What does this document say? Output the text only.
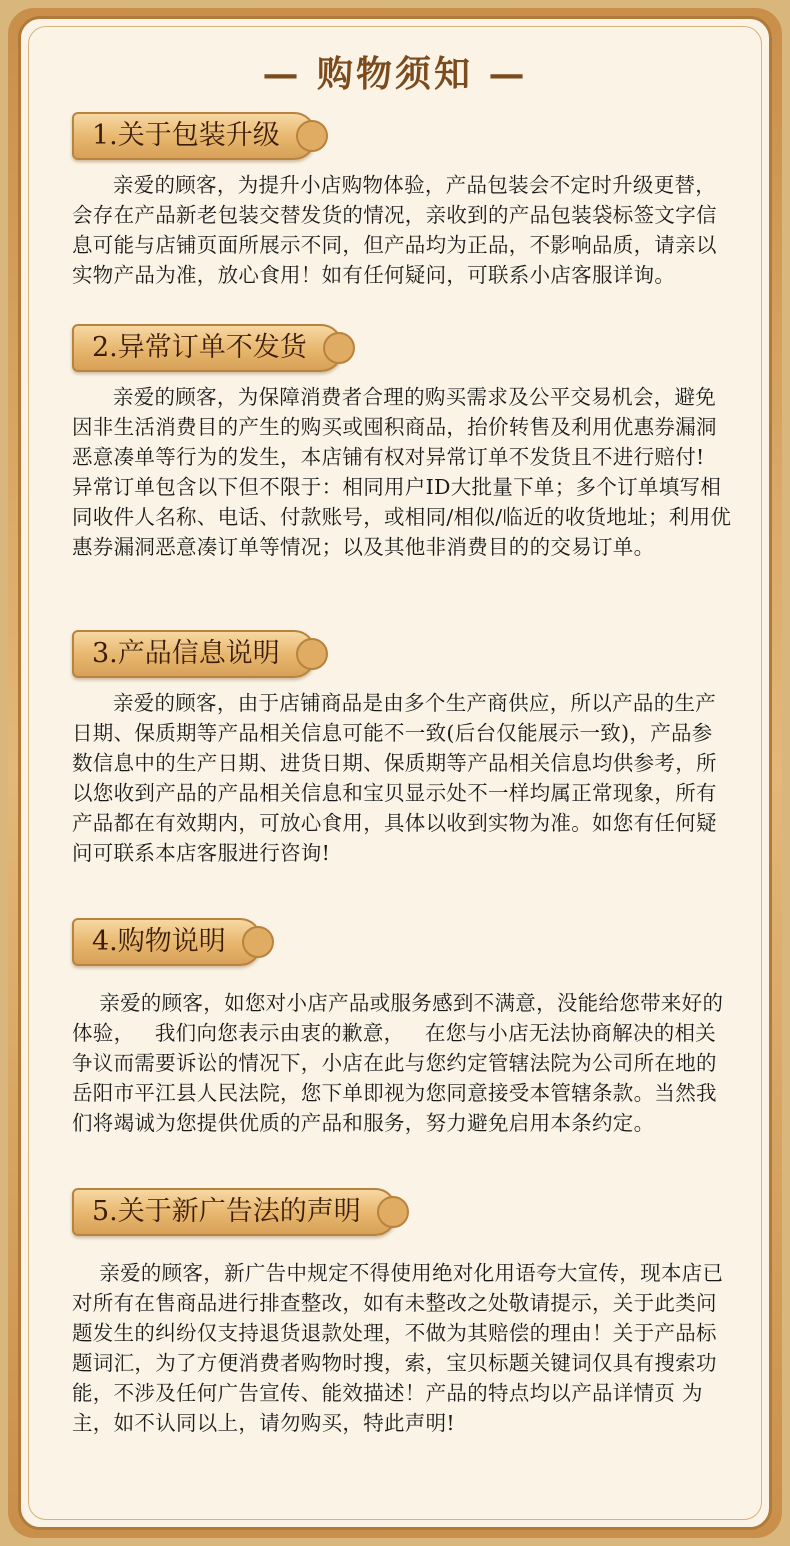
— 购物须知 —
1.关于包装升级
亲爱的顾客，为提升小店购物体验，产品包装会不定时升级更替，会存在产品新老包装交替发货的情况，亲收到的产品包装袋标签文字信息可能与店铺页面所展示不同，但产品均为正品，不影响品质，请亲以实物产品为准，放心食用！如有任何疑问，可联系小店客服详询。
2.异常订单不发货
亲爱的顾客，为保障消费者合理的购买需求及公平交易机会，避免因非生活消费目的产生的购买或囤积商品，抬价转售及利用优惠券漏洞恶意凑单等行为的发生，本店铺有权对异常订单不发货且不进行赔付!
异常订单包含以下但不限于：相同用户ID大批量下单；多个订单填写相同收件人名称、电话、付款账号，或相同/相似/临近的收货地址；利用优惠券漏洞恶意凑订单等情况；以及其他非消费目的的交易订单。
3.产品信息说明
亲爱的顾客，由于店铺商品是由多个生产商供应，所以产品的生产日期、保质期等产品相关信息可能不一致(后台仅能展示一致)，产品参数信息中的生产日期、进货日期、保质期等产品相关信息均供参考，所以您收到产品的产品相关信息和宝贝显示处不一样均属正常现象，所有产品都在有效期内，可放心食用，具体以收到实物为准。如您有任何疑问可联系本店客服进行咨询!
4.购物说明
亲爱的顾客，如您对小店产品或服务感到不满意，没能给您带来好的体验，   我们向您表示由衷的歉意，   在您与小店无法协商解决的相关争议而需要诉讼的情况下，小店在此与您约定管辖法院为公司所在地的岳阳市平江县人民法院，您下单即视为您同意接受本管辖条款。当然我们将竭诚为您提供优质的产品和服务，努力避免启用本条约定。
5.关于新广告法的声明
亲爱的顾客，新广告中规定不得使用绝对化用语夸大宣传，现本店已对所有在售商品进行排查整改，如有未整改之处敬请提示，关于此类问题发生的纠纷仅支持退货退款处理，不做为其赔偿的理由！关于产品标题词汇，为了方便消费者购物时搜，索，宝贝标题关键词仅具有搜索功能，不涉及任何广告宣传、能效描述！产品的特点均以产品详情页 为主，如不认同以上，请勿购买，特此声明!
